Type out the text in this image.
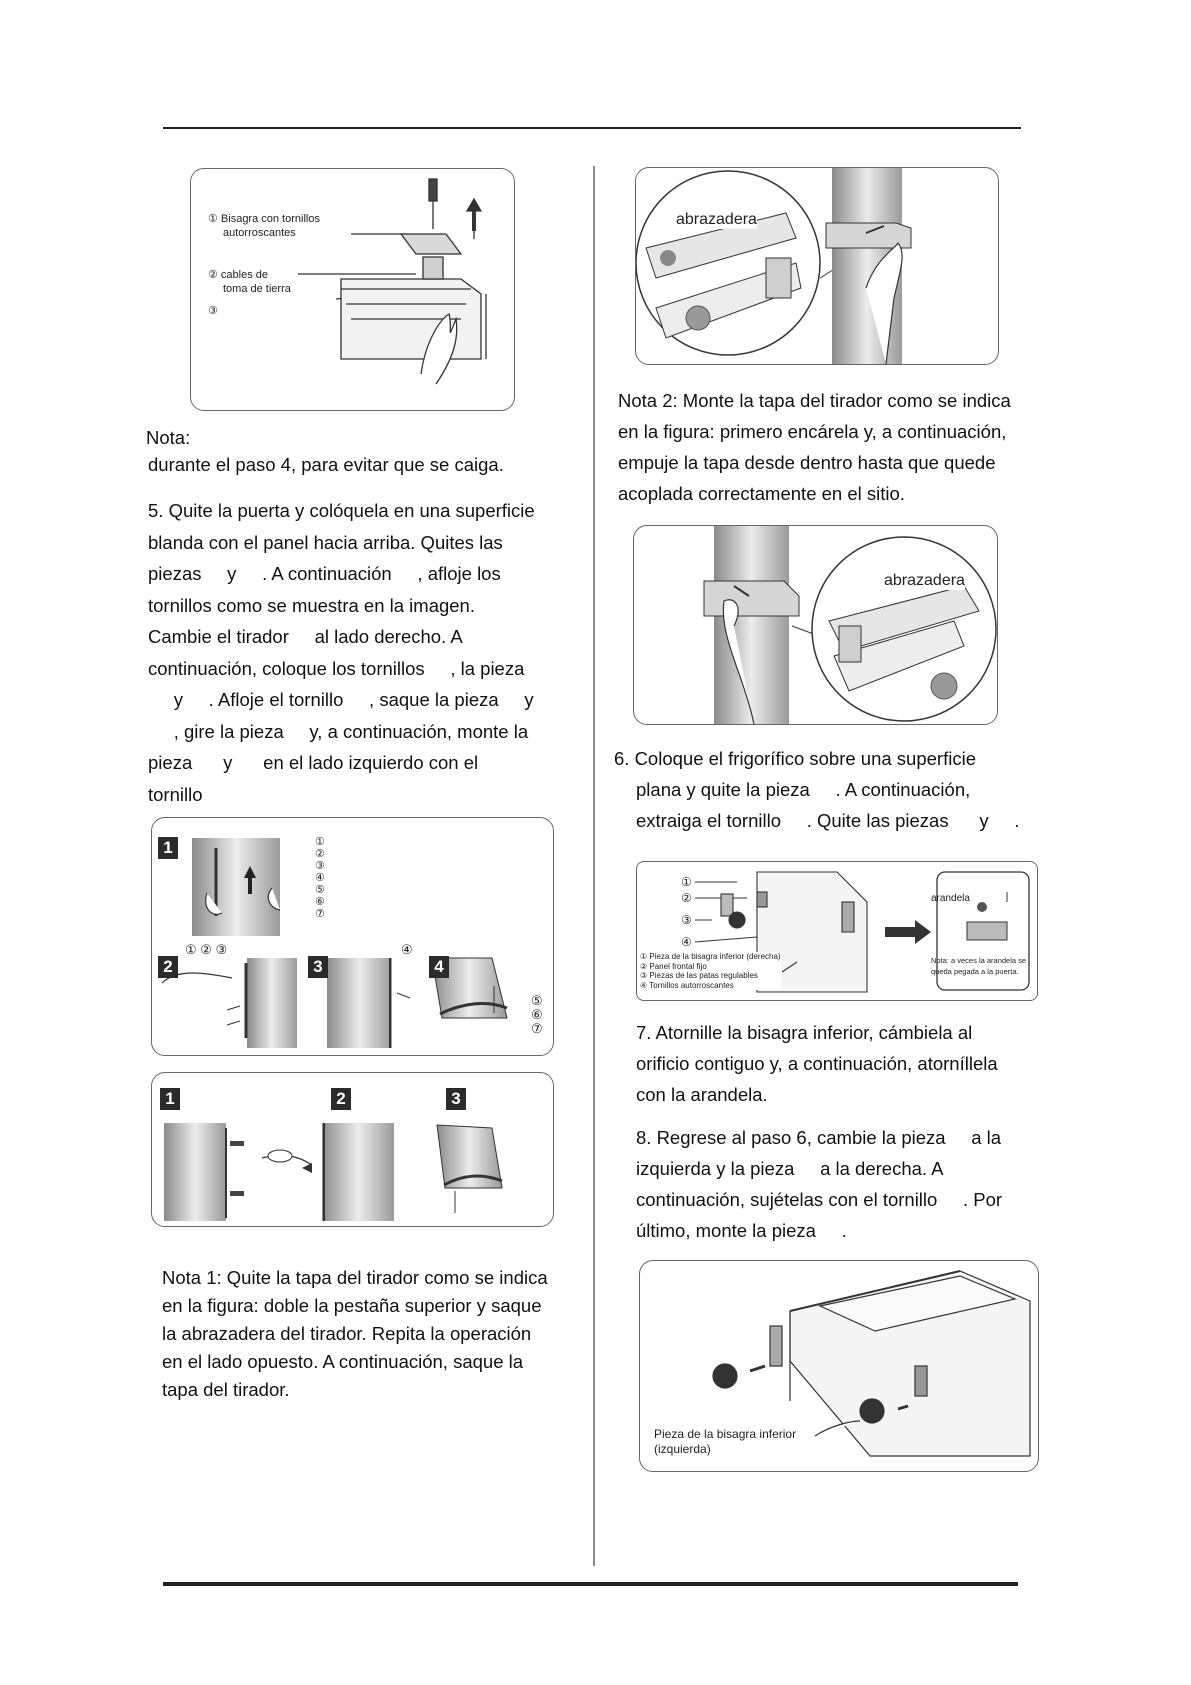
① Bisagra con tornillos
autorroscantes
② cables de
toma de tierra
③
Nota:
durante el paso 4, para evitar que se caiga.
5. Quite la puerta y colóquela en una superficie
blanda con el panel hacia arriba. Quites las
piezas     y     . A continuación     , afloje los
tornillos como se muestra en la imagen.
Cambie el tirador     al lado derecho. A
continuación, coloque los tornillos     , la pieza
y     . Afloje el tornillo     , saque la pieza     y
, gire la pieza     y, a continuación, monte la
pieza      y      en el lado izquierdo con el
tornillo
1
2	3	4
①
②
③
④
⑤
⑥
⑦
① ② ③	④
⑤
⑥
⑦
1	2	3
Nota 1: Quite la tapa del tirador como se indica
en la figura: doble la pestaña superior y saque
la abrazadera del tirador. Repita la operación
en el lado opuesto. A continuación, saque la
tapa del tirador.
abrazadera
Nota 2: Monte la tapa del tirador como se indica
en la figura: primero encárela y, a continuación,
empuje la tapa desde dentro hasta que quede
acoplada correctamente en el sitio.
abrazadera
6. Coloque el frigorífico sobre una superficie
plana y quite la pieza     . A continuación,
extraiga el tornillo     . Quite las piezas      y     .
①
②
③
④
① Pieza de la bisagra inferior (derecha)
② Panel frontal fijo
③ Piezas de las patas regulables
④ Tornillos autorroscantes
arandela
Nota: a veces la arandela se
queda pegada a la puerta.
7. Atornille la bisagra inferior, cámbiela al
orificio contiguo y, a continuación, atorníllela
con la arandela.
8. Regrese al paso 6, cambie la pieza     a la
izquierda y la pieza     a la derecha. A
continuación, sujételas con el tornillo     . Por
último, monte la pieza     .
Pieza de la bisagra inferior
(izquierda)
